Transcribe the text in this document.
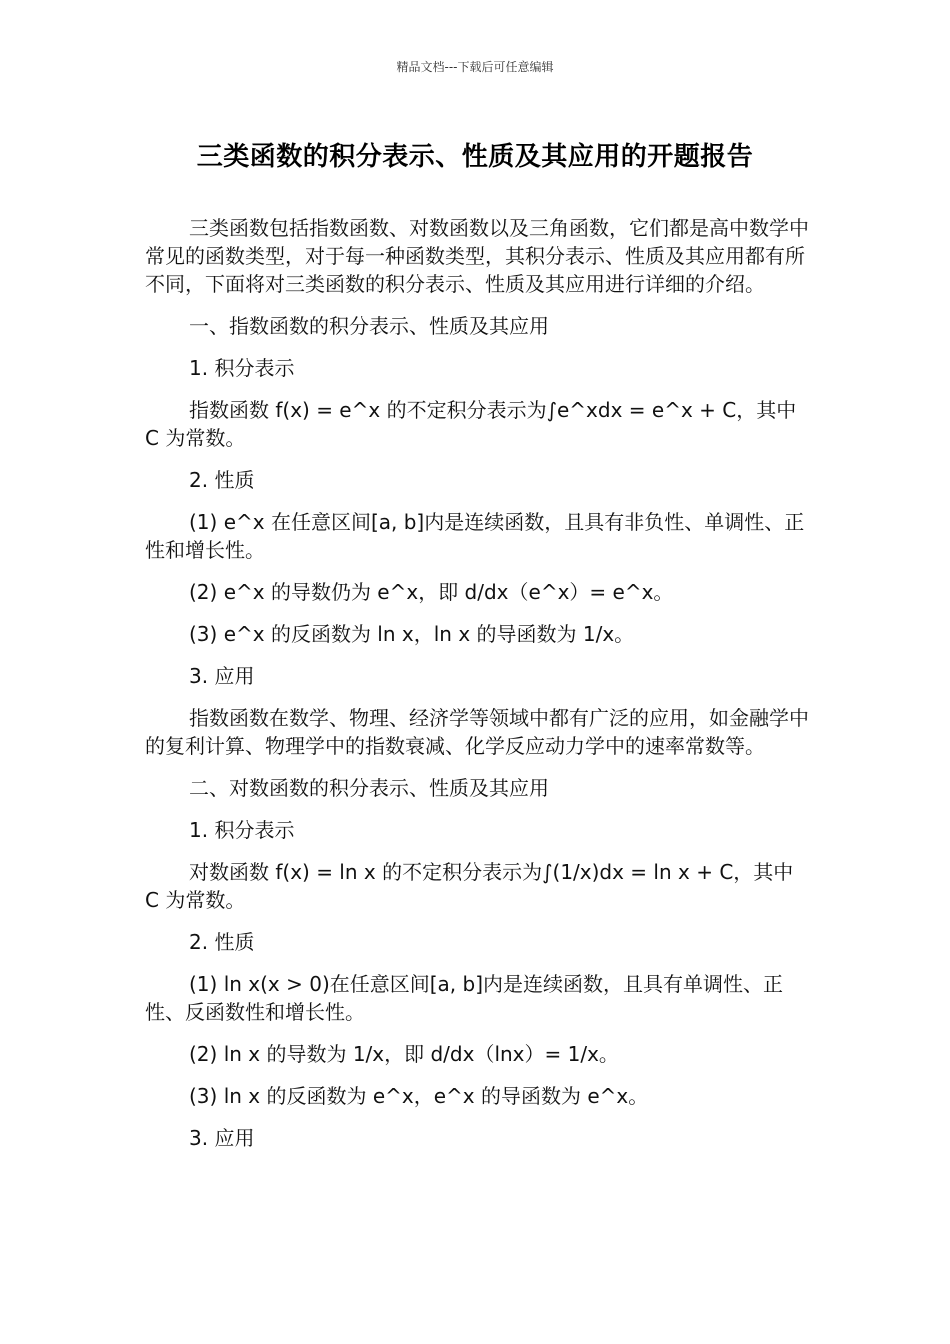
精品文档---下载后可任意编辑
三类函数的积分表示、性质及其应用的开题报告

三类函数包括指数函数、对数函数以及三角函数，它们都是高中数学中常见的函数类型，对于每一种函数类型，其积分表示、性质及其应用都有所不同，下面将对三类函数的积分表示、性质及其应用进行详细的介绍。

一、指数函数的积分表示、性质及其应用

1. 积分表示

指数函数 f(x) = e^x 的不定积分表示为∫e^xdx = e^x + C，其中 C 为常数。

2. 性质

(1) e^x 在任意区间[a, b]内是连续函数，且具有非负性、单调性、正性和增长性。

(2) e^x 的导数仍为 e^x，即 d/dx（e^x）= e^x。

(3) e^x 的反函数为 ln x，ln x 的导函数为 1/x。

3. 应用

指数函数在数学、物理、经济学等领域中都有广泛的应用，如金融学中的复利计算、物理学中的指数衰减、化学反应动力学中的速率常数等。

二、对数函数的积分表示、性质及其应用

1. 积分表示

对数函数 f(x) = ln x 的不定积分表示为∫(1/x)dx = ln x + C，其中 C 为常数。

2. 性质

(1) ln x(x > 0)在任意区间[a, b]内是连续函数，且具有单调性、正性、反函数性和增长性。

(2) ln x 的导数为 1/x，即 d/dx（lnx）= 1/x。

(3) ln x 的反函数为 e^x，e^x 的导函数为 e^x。

3. 应用
